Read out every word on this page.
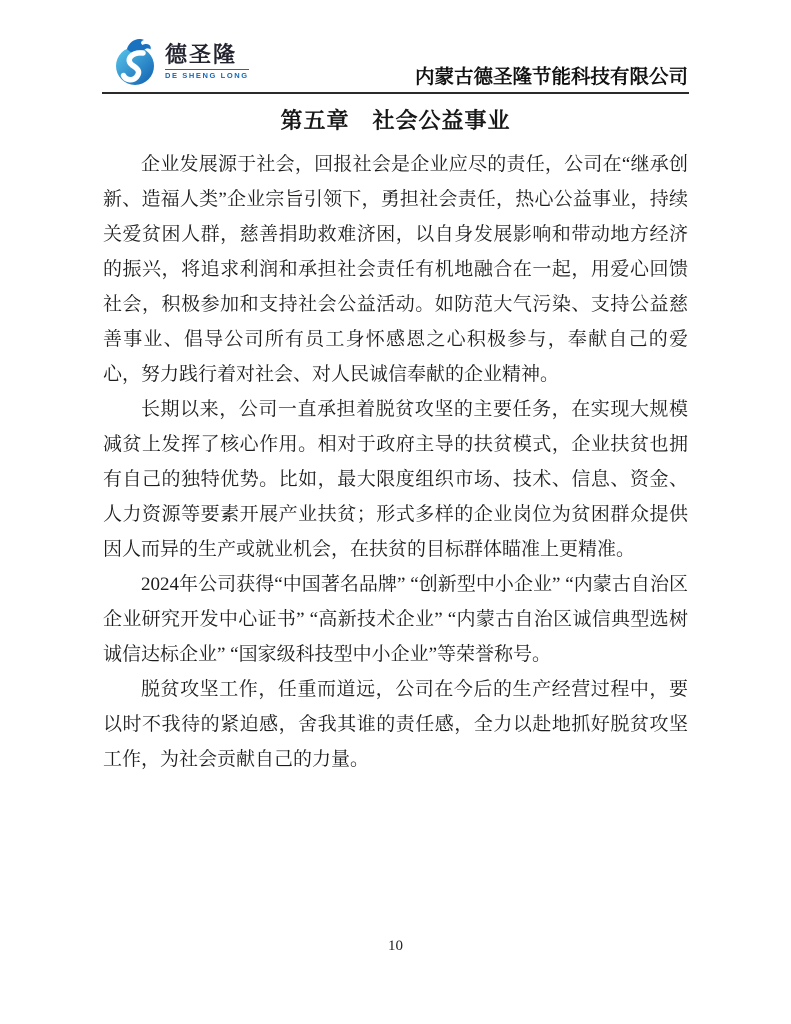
德圣隆
DE SHENG LONG	内蒙古德圣隆节能科技有限公司
第五章　社会公益事业

企业发展源于社会，回报社会是企业应尽的责任，公司在“继承创新、造福人类”企业宗旨引领下，勇担社会责任，热心公益事业，持续关爱贫困人群，慈善捐助救难济困，以自身发展影响和带动地方经济的振兴，将追求利润和承担社会责任有机地融合在一起，用爱心回馈社会，积极参加和支持社会公益活动。如防范大气污染、支持公益慈善事业、倡导公司所有员工身怀感恩之心积极参与，奉献自己的爱心，努力践行着对社会、对人民诚信奉献的企业精神。

长期以来，公司一直承担着脱贫攻坚的主要任务，在实现大规模减贫上发挥了核心作用。相对于政府主导的扶贫模式，企业扶贫也拥有自己的独特优势。比如，最大限度组织市场、技术、信息、资金、人力资源等要素开展产业扶贫；形式多样的企业岗位为贫困群众提供因人而异的生产或就业机会，在扶贫的目标群体瞄准上更精准。

2024年公司获得“中国著名品牌” “创新型中小企业” “内蒙古自治区企业研究开发中心证书” “高新技术企业” “内蒙古自治区诚信典型选树诚信达标企业” “国家级科技型中小企业”等荣誉称号。

脱贫攻坚工作，任重而道远，公司在今后的生产经营过程中，要以时不我待的紧迫感，舍我其谁的责任感，全力以赴地抓好脱贫攻坚工作，为社会贡献自己的力量。

10
